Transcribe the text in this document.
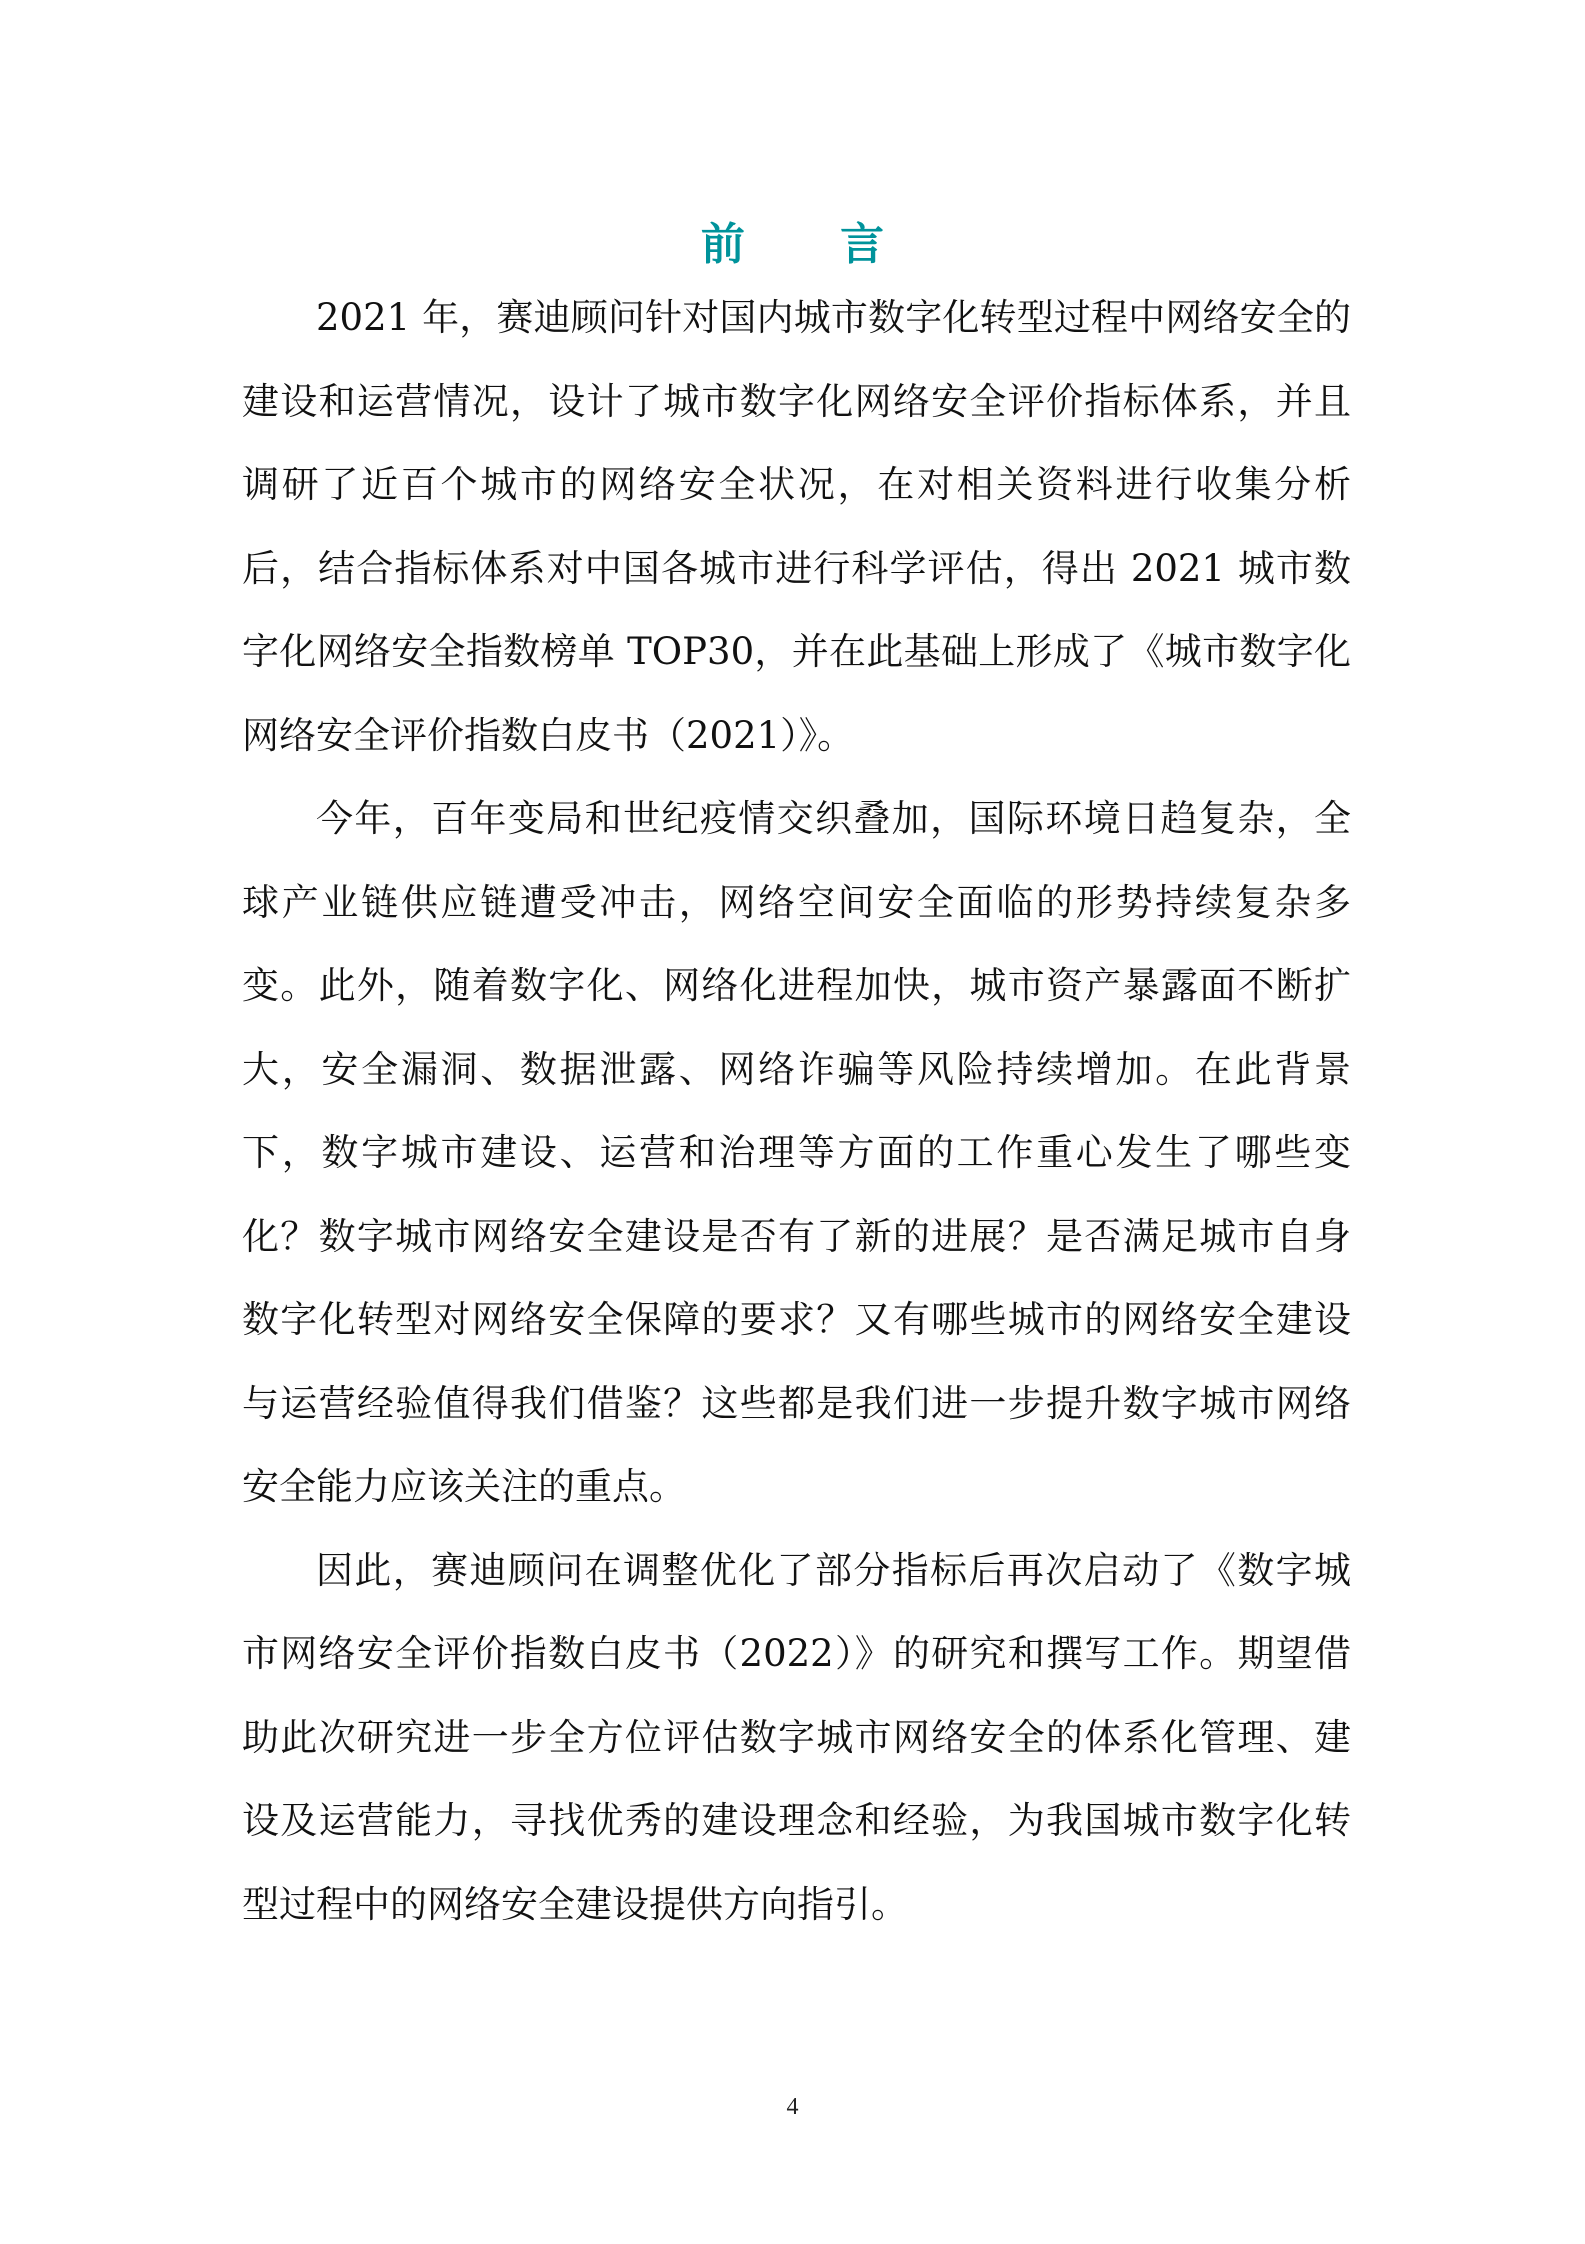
前 言

2021 年，赛迪顾问针对国内城市数字化转型过程中网络安全的建设和运营情况，设计了城市数字化网络安全评价指标体系，并且调研了近百个城市的网络安全状况，在对相关资料进行收集分析后，结合指标体系对中国各城市进行科学评估，得出 2021 城市数字化网络安全指数榜单 TOP30，并在此基础上形成了《城市数字化网络安全评价指数白皮书（2021）》。

今年，百年变局和世纪疫情交织叠加，国际环境日趋复杂，全球产业链供应链遭受冲击，网络空间安全面临的形势持续复杂多变。此外，随着数字化、网络化进程加快，城市资产暴露面不断扩大，安全漏洞、数据泄露、网络诈骗等风险持续增加。在此背景下，数字城市建设、运营和治理等方面的工作重心发生了哪些变化？数字城市网络安全建设是否有了新的进展？是否满足城市自身数字化转型对网络安全保障的要求？又有哪些城市的网络安全建设与运营经验值得我们借鉴？这些都是我们进一步提升数字城市网络安全能力应该关注的重点。

因此，赛迪顾问在调整优化了部分指标后再次启动了《数字城市网络安全评价指数白皮书（2022）》的研究和撰写工作。期望借助此次研究进一步全方位评估数字城市网络安全的体系化管理、建设及运营能力，寻找优秀的建设理念和经验，为我国城市数字化转型过程中的网络安全建设提供方向指引。

4
